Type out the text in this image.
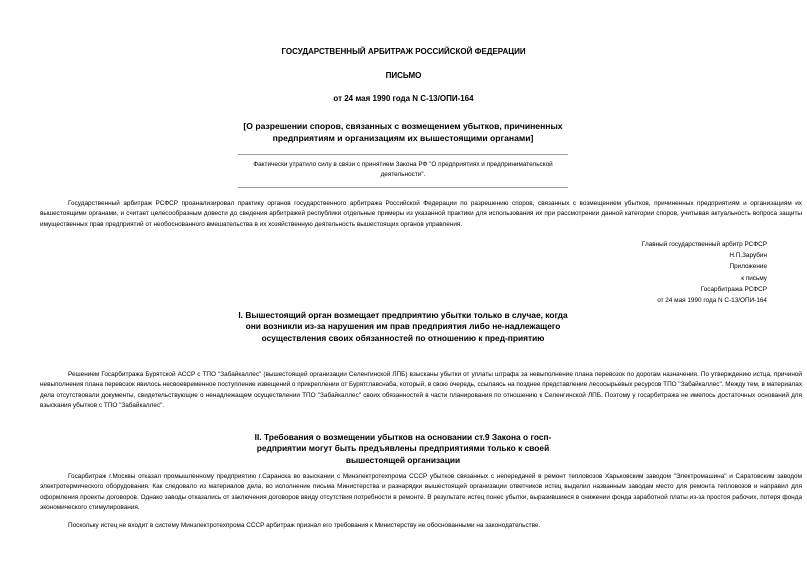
ГОСУДАРСТВЕННЫЙ АРБИТРАЖ РОССИЙСКОЙ ФЕДЕРАЦИИ
ПИСЬМО
от 24 мая 1990 года N С-13/ОПИ-164
[О разрешении споров, связанных с возмещением убытков, причиненных предприятиям и организациям их вышестоящими органами]
Фактически утратило силу в связи с принятием Закона РФ "О предприятиях и предпринимательской деятельности".
Государственный арбитраж РСФСР проанализировал практику органов государственного арбитража Российской Федерации по разрешению споров, связанных с возмещением убытков, причиненных предприятиям и организациям их вышестоящими органами, и считает целесообразным довести до сведения арбитражей республики отдельные примеры из указанной практики для использования их при рассмотрении данной категории споров, учитывая актуальность вопроса защиты имущественных прав предприятий от необоснованного вмешательства в их хозяйственную деятельность вышестоящих органов управления.
Главный государственный арбитр РСФСР
Н.П.Зарубин
Приложение
к письму
Госарбитража РСФСР
от 24 мая 1990 года N С-13/ОПИ-164
I. Вышестоящий орган возмещает предприятию убытки только в случае, когда они возникли из-за нарушения им прав предприятия либо не-надлежащего осуществления своих обязанностей по отношению к пред-приятию
Решением Госарбитража Бурятской АССР с ТПО "Забайкаллес" (вышестоящей организации Селенгинской ЛПБ) взысканы убытки от уплаты штрафа за невыполнение плана перевозок по дорогам назначения. По утверждению истца, причиной невыполнения плана перевозок явилось несвоевременное поступление извещений о прикреплении от Бурятглавснаба, который, в свою очередь, ссылаясь на позднее представление лесосырьевых ресурсов ТПО "Забайкаллес". Между тем, в материалах дела отсутствовали документы, свидетельствующие о ненадлежащем осуществлении ТПО "Забайкаллес" своих обязанностей в части планирования по отношению к Селенгинской ЛПБ. Поэтому у госарбитража не имелось достаточных оснований для взыскания убытков с ТПО "Забайкаллес".
II. Требования о возмещении убытков на основании ст.9 Закона о госп- редприятии могут быть предъявлены предприятиями только к своей вышестоящей организации
Госарбитраж г.Москвы отказал промышленному предприятию г.Саранска во взыскании с Минэлектротехпрома СССР убытков связанных с непередачей в ремонт тепловозов Харьковским заводом "Электромашина" и Саратовским заводом электротермического оборудования. Как следовало из материалов дела, во исполнение письма Министерства и разнарядки вышестоящей организации ответчиков истец выделил названным заводам место для ремонта тепловозов и направил для оформления проекты договоров. Однако заводы отказались от заключения договоров ввиду отсутствия потребности в ремонте. В результате истец понес убытки, выразившиеся в снижении фонда заработной платы из-за простоя рабочих, потеря фонда экономического стимулирования.
Поскольку истец не входит в систему Минэлектротехпрома СССР арбитраж признал его требования к Министерству не обоснованными на законодательстве.
